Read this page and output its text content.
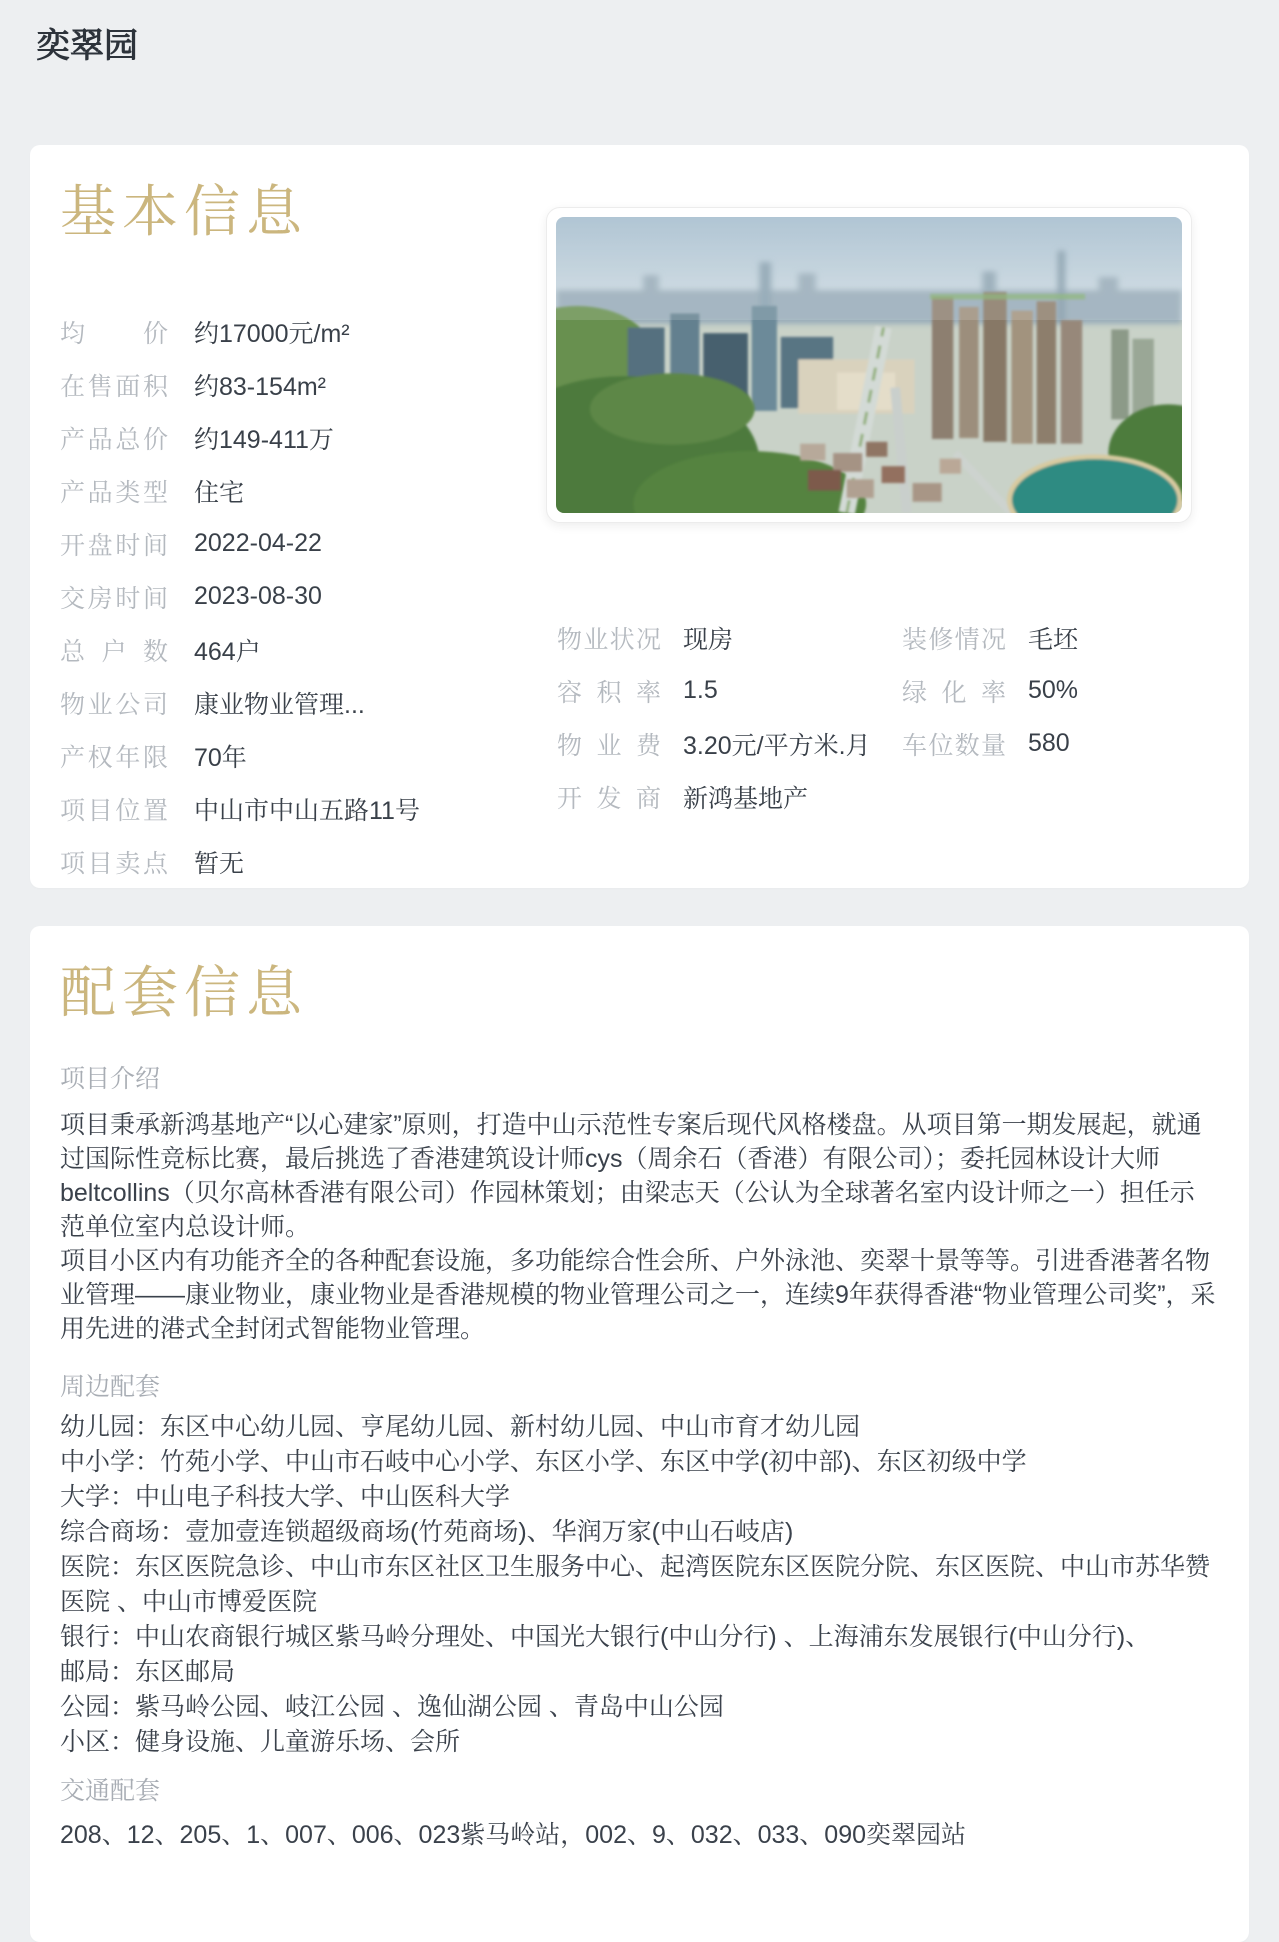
奕翠园
基本信息
均价 约17000元/m²
在售面积 约83-154m²
产品总价 约149-411万
产品类型 住宅
开盘时间 2022-04-22
交房时间 2023-08-30
总户数 464户
物业公司 康业物业管理...
产权年限 70年
项目位置 中山市中山五路11号
项目卖点 暂无
物业状况 现房	装修情况 毛坯
容积率 1.5	绿化率 50%
物业费 3.20元/平方米.月 车位数量 580
开发商 新鸿基地产
配套信息
项目介绍

项目秉承新鸿基地产“以心建家”原则，打造中山示范性专案后现代风格楼盘。从项目第一期发展起，就通过国际性竞标比赛，最后挑选了香港建筑设计师cys（周余石（香港）有限公司）；委托园林设计大师beltcollins（贝尔高林香港有限公司）作园林策划；由梁志天（公认为全球著名室内设计师之一）担任示范单位室内总设计师。

项目小区内有功能齐全的各种配套设施，多功能综合性会所、户外泳池、奕翠十景等等。引进香港著名物业管理——康业物业，康业物业是香港规模的物业管理公司之一，连续9年获得香港“物业管理公司奖”，采用先进的港式全封闭式智能物业管理。

周边配套
幼儿园：东区中心幼儿园、亨尾幼儿园、新村幼儿园、中山市育才幼儿园
中小学：竹苑小学、中山市石岐中心小学、东区小学、东区中学(初中部)、东区初级中学
大学：中山电子科技大学、中山医科大学
综合商场：壹加壹连锁超级商场(竹苑商场)、华润万家(中山石岐店)
医院：东区医院急诊、中山市东区社区卫生服务中心、起湾医院东区医院分院、东区医院、中山市苏华赞医院 、中山市博爱医院
银行：中山农商银行城区紫马岭分理处、中国光大银行(中山分行) 、上海浦东发展银行(中山分行)、
邮局：东区邮局
公园：紫马岭公园、岐江公园 、逸仙湖公园 、青岛中山公园
小区：健身设施、儿童游乐场、会所
交通配套
208、12、205、1、007、006、023紫马岭站，002、9、032、033、090奕翠园站
